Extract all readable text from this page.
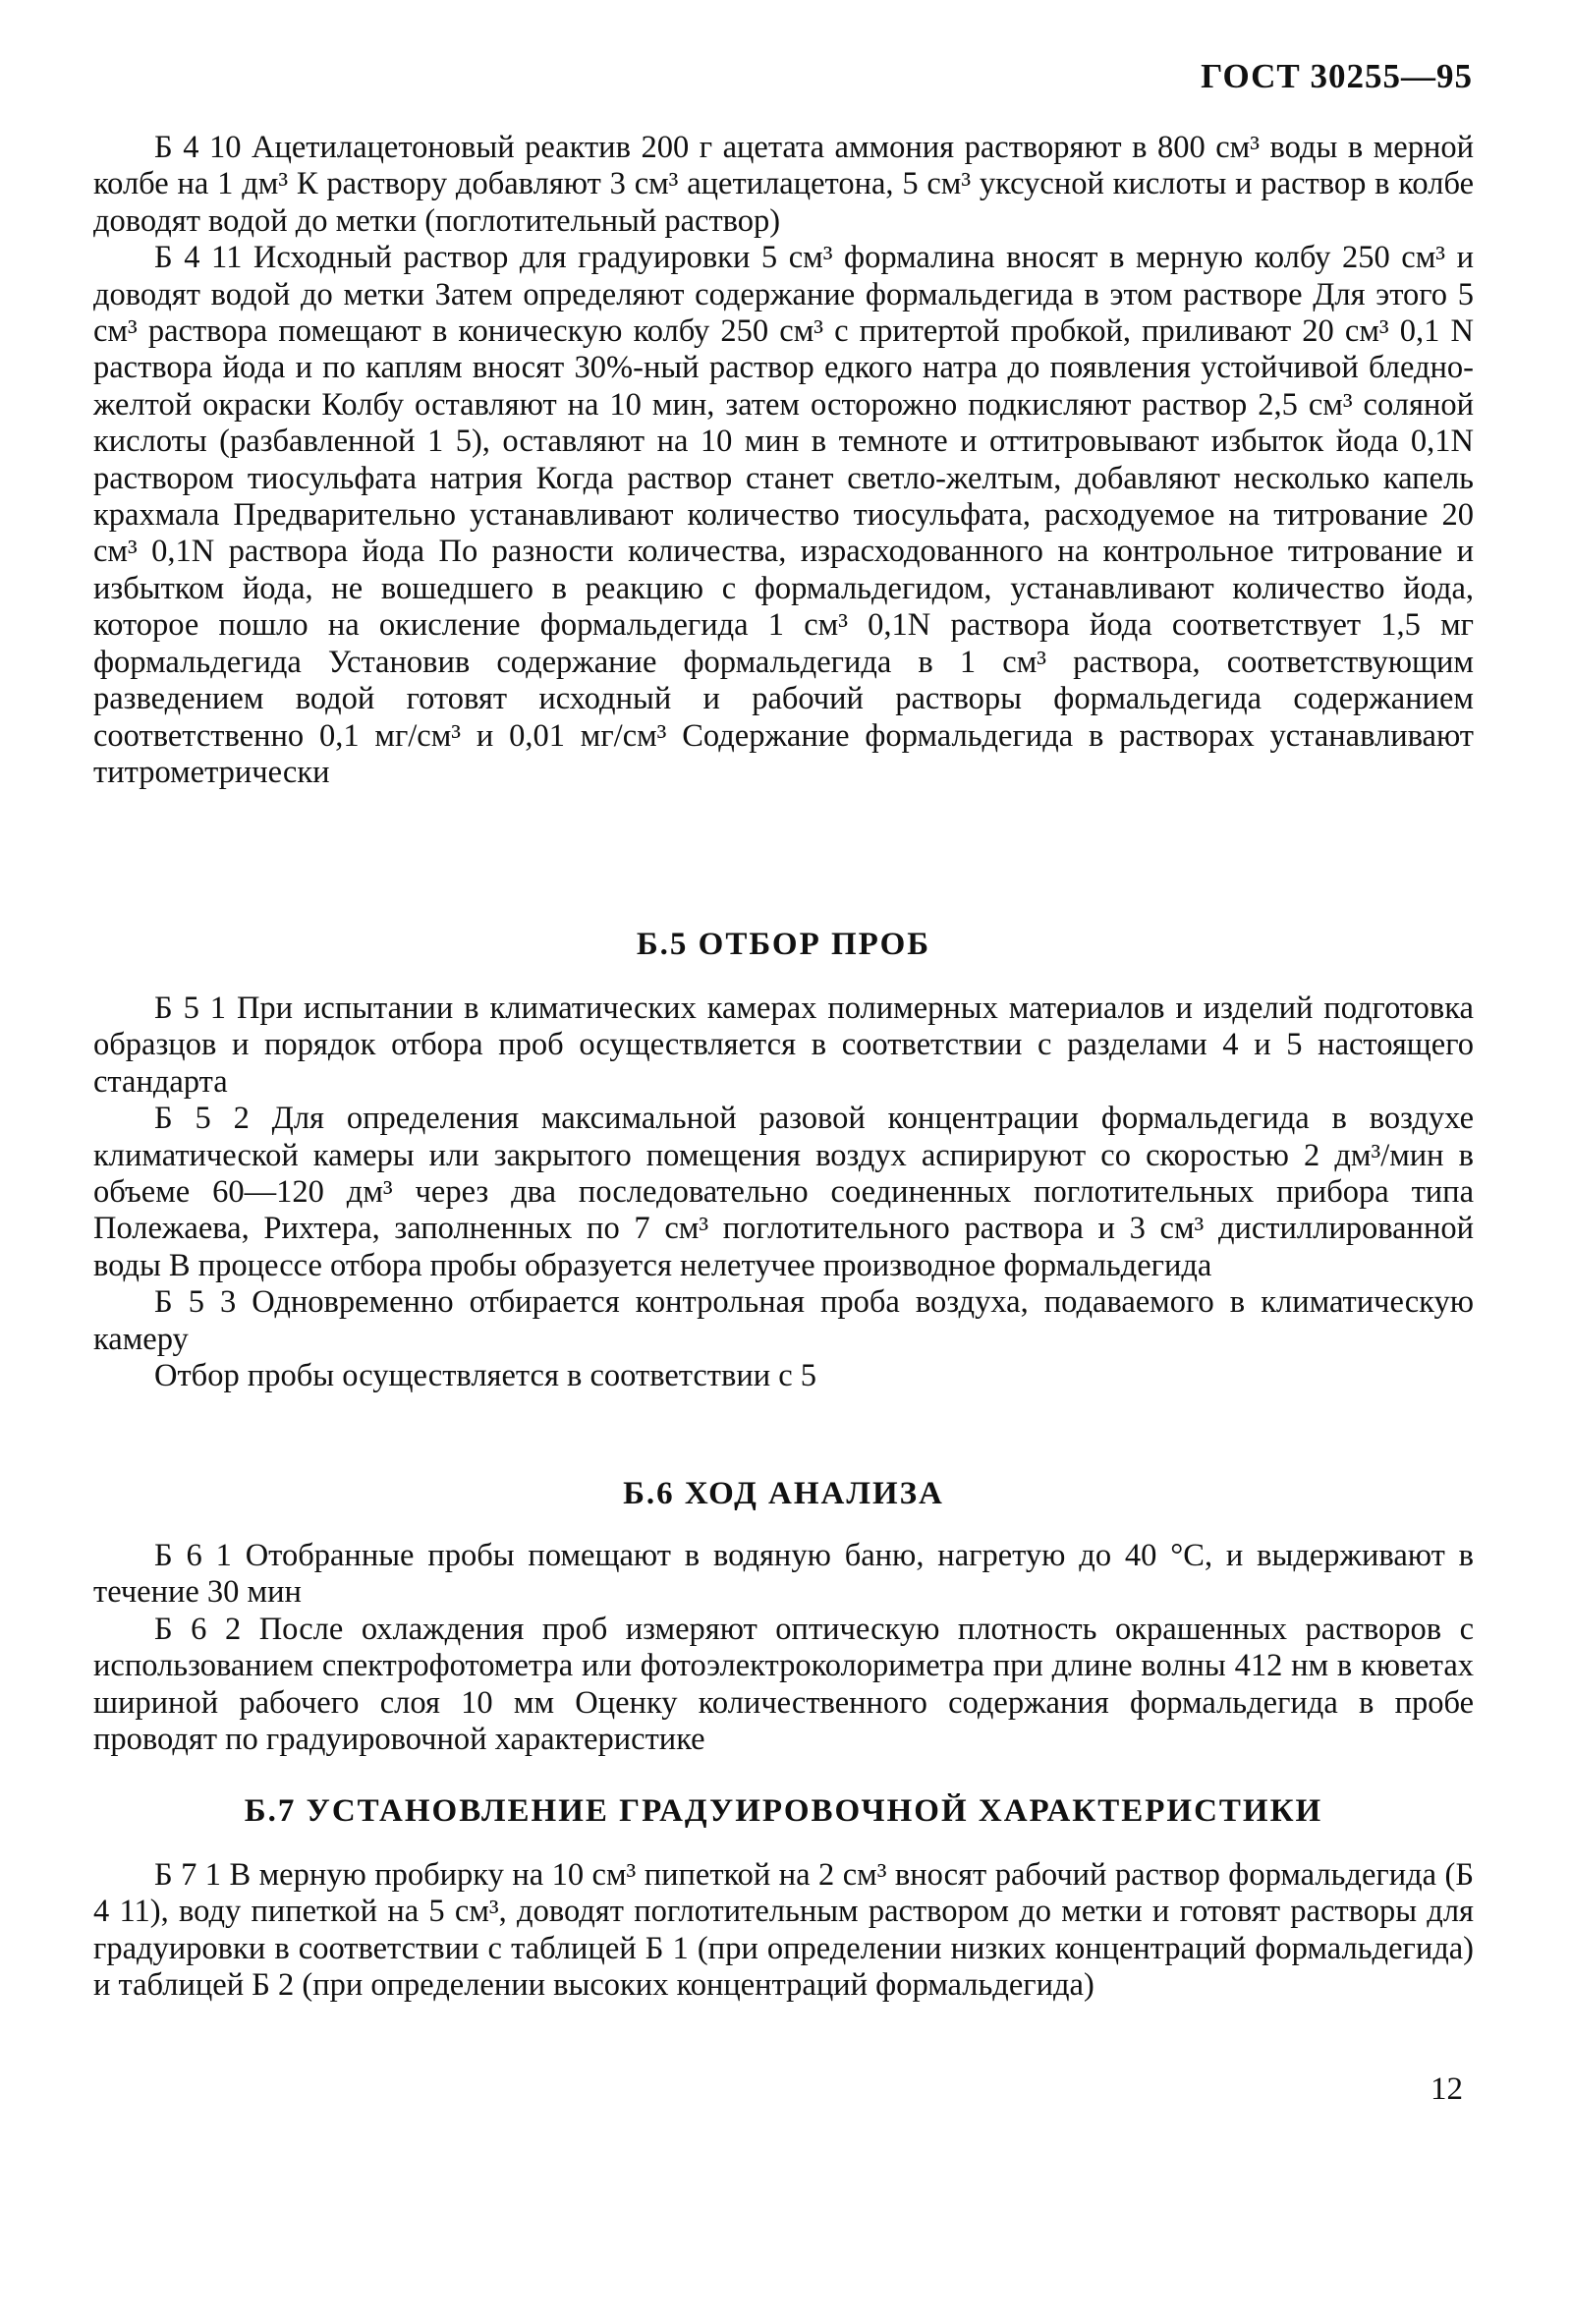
ГОСТ 30255—95

Б 4 10 Ацетилацетоновый реактив 200 г ацетата аммония растворяют в 800 см³ воды в мерной колбе на 1 дм³ К раствору добавляют 3 см³ ацетилацетона, 5 см³ уксусной кислоты и раствор в колбе доводят водой до метки (поглотительный раствор)

Б 4 11 Исходный раствор для градуировки 5 см³ формалина вносят в мерную колбу 250 см³ и доводят водой до метки Затем определяют содержание формальдегида в этом растворе Для этого 5 см³ раствора помещают в коническую колбу 250 см³ с притертой пробкой, приливают 20 см³ 0,1 N раствора йода и по каплям вносят 30%-ный раствор едкого натра до появления устойчивой бледно-желтой окраски Колбу оставляют на 10 мин, затем осторожно подкисляют раствор 2,5 см³ соляной кислоты (разбавленной 1 5), оставляют на 10 мин в темноте и оттитровывают избыток йода 0,1N раствором тиосульфата натрия Когда раствор станет светло-желтым, добавляют несколько капель крахмала Предварительно устанавливают количество тиосульфата, расходуемое на титрование 20 см³ 0,1N раствора йода По разности количества, израсходованного на контрольное титрование и избытком йода, не вошедшего в реакцию с формальдегидом, устанавливают количество йода, которое пошло на окисление формальдегида 1 см³ 0,1N раствора йода соответствует 1,5 мг формальдегида Установив содержание формальдегида в 1 см³ раствора, соответствующим разведением водой готовят исходный и рабочий растворы формальдегида содержанием соответственно 0,1 мг/см³ и 0,01 мг/см³ Содержание формальдегида в растворах устанавливают титрометрически

Б.5 ОТБОР ПРОБ

Б 5 1 При испытании в климатических камерах полимерных материалов и изделий подготовка образцов и порядок отбора проб осуществляется в соответствии с разделами 4 и 5 настоящего стандарта

Б 5 2 Для определения максимальной разовой концентрации формальдегида в воздухе климатической камеры или закрытого помещения воздух аспирируют со скоростью 2 дм³/мин в объеме 60—120 дм³ через два последовательно соединенных поглотительных прибора типа Полежаева, Рихтера, заполненных по 7 см³ поглотительного раствора и 3 см³ дистиллированной воды В процессе отбора пробы образуется нелетучее производное формальдегида

Б 5 3 Одновременно отбирается контрольная проба воздуха, подаваемого в климатическую камеру

Отбор пробы осуществляется в соответствии с 5

Б.6 ХОД АНАЛИЗА

Б 6 1 Отобранные пробы помещают в водяную баню, нагретую до 40 °С, и выдерживают в течение 30 мин

Б 6 2 После охлаждения проб измеряют оптическую плотность окрашенных растворов с использованием спектрофотометра или фотоэлектроколориметра при длине волны 412 нм в кюветах шириной рабочего слоя 10 мм Оценку количественного содержания формальдегида в пробе проводят по градуировочной характеристике

Б.7 УСТАНОВЛЕНИЕ ГРАДУИРОВОЧНОЙ ХАРАКТЕРИСТИКИ

Б 7 1 В мерную пробирку на 10 см³ пипеткой на 2 см³ вносят рабочий раствор формальдегида (Б 4 11), воду пипеткой на 5 см³, доводят поглотительным раствором до метки и готовят растворы для градуировки в соответствии с таблицей Б 1 (при определении низких концентраций формальдегида) и таблицей Б 2 (при определении высоких концентраций формальдегида)

12
